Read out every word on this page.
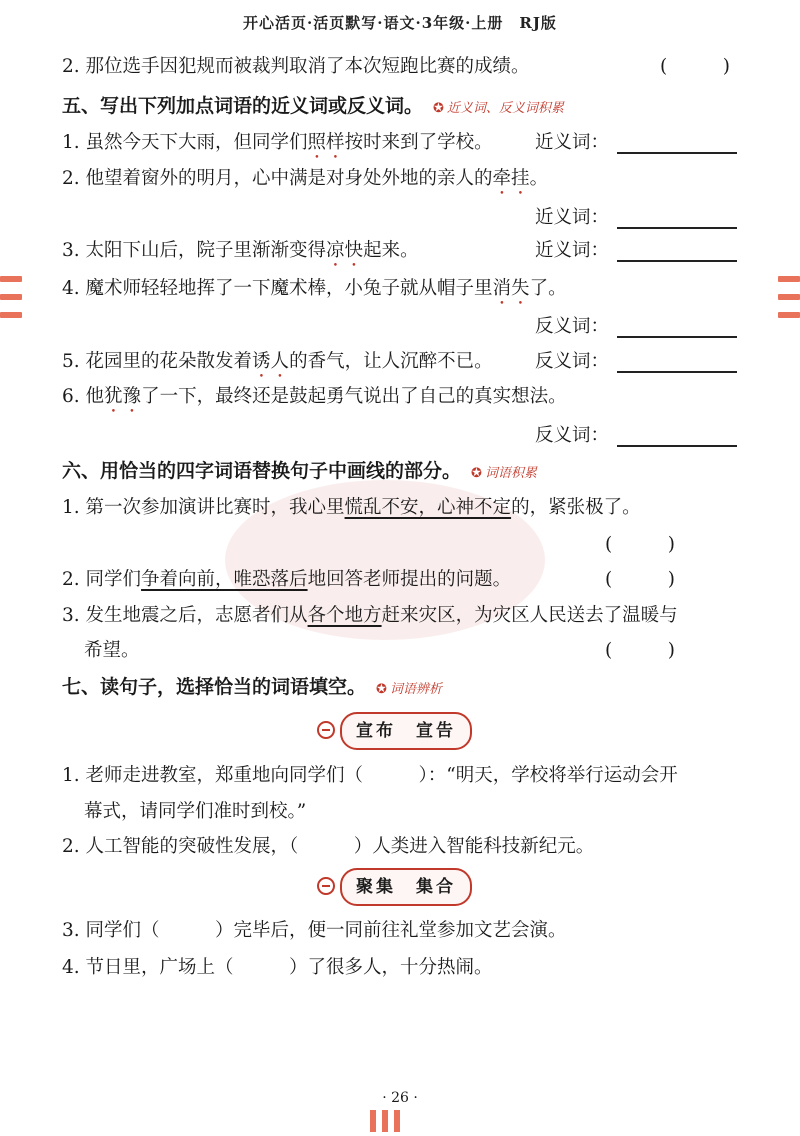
开心活页·活页默写·语文·3年级·上册　RJ版
2. 那位选手因犯规而被裁判取消了本次短跑比赛的成绩。	(　　　)
五、写出下列加点词语的近义词或反义词。 ✪ 近义词、反义词积累
1. 虽然今天下大雨，但同学们照样按时来到了学校。 近义词：
2. 他望着窗外的明月，心中满是对身处外地的亲人的牵挂。
近义词：
3. 太阳下山后，院子里渐渐变得凉快起来。	近义词：
4. 魔术师轻轻地挥了一下魔术棒，小兔子就从帽子里消失了。
反义词：
5. 花园里的花朵散发着诱人的香气，让人沉醉不已。 反义词：
6. 他犹豫了一下，最终还是鼓起勇气说出了自己的真实想法。
反义词：
六、用恰当的四字词语替换句子中画线的部分。 ✪ 词语积累
1. 第一次参加演讲比赛时，我心里慌乱不安，心神不定的，紧张极了。
(　　　)
2. 同学们争着向前，唯恐落后地回答老师提出的问题。	(　　　)
3. 发生地震之后，志愿者们从各个地方赶来灾区，为灾区人民送去了温暖与
希望。	(　　　)
七、读句子，选择恰当的词语填空。 ✪ 词语辨析
宣布　宣告
1. 老师走进教室，郑重地向同学们（　　　）：“明天，学校将举行运动会开
幕式，请同学们准时到校。”
2. 人工智能的突破性发展，（　　　）人类进入智能科技新纪元。
聚集　集合
3. 同学们（　　　）完毕后，便一同前往礼堂参加文艺会演。
4. 节日里，广场上（　　　）了很多人，十分热闹。
· 26 ·
